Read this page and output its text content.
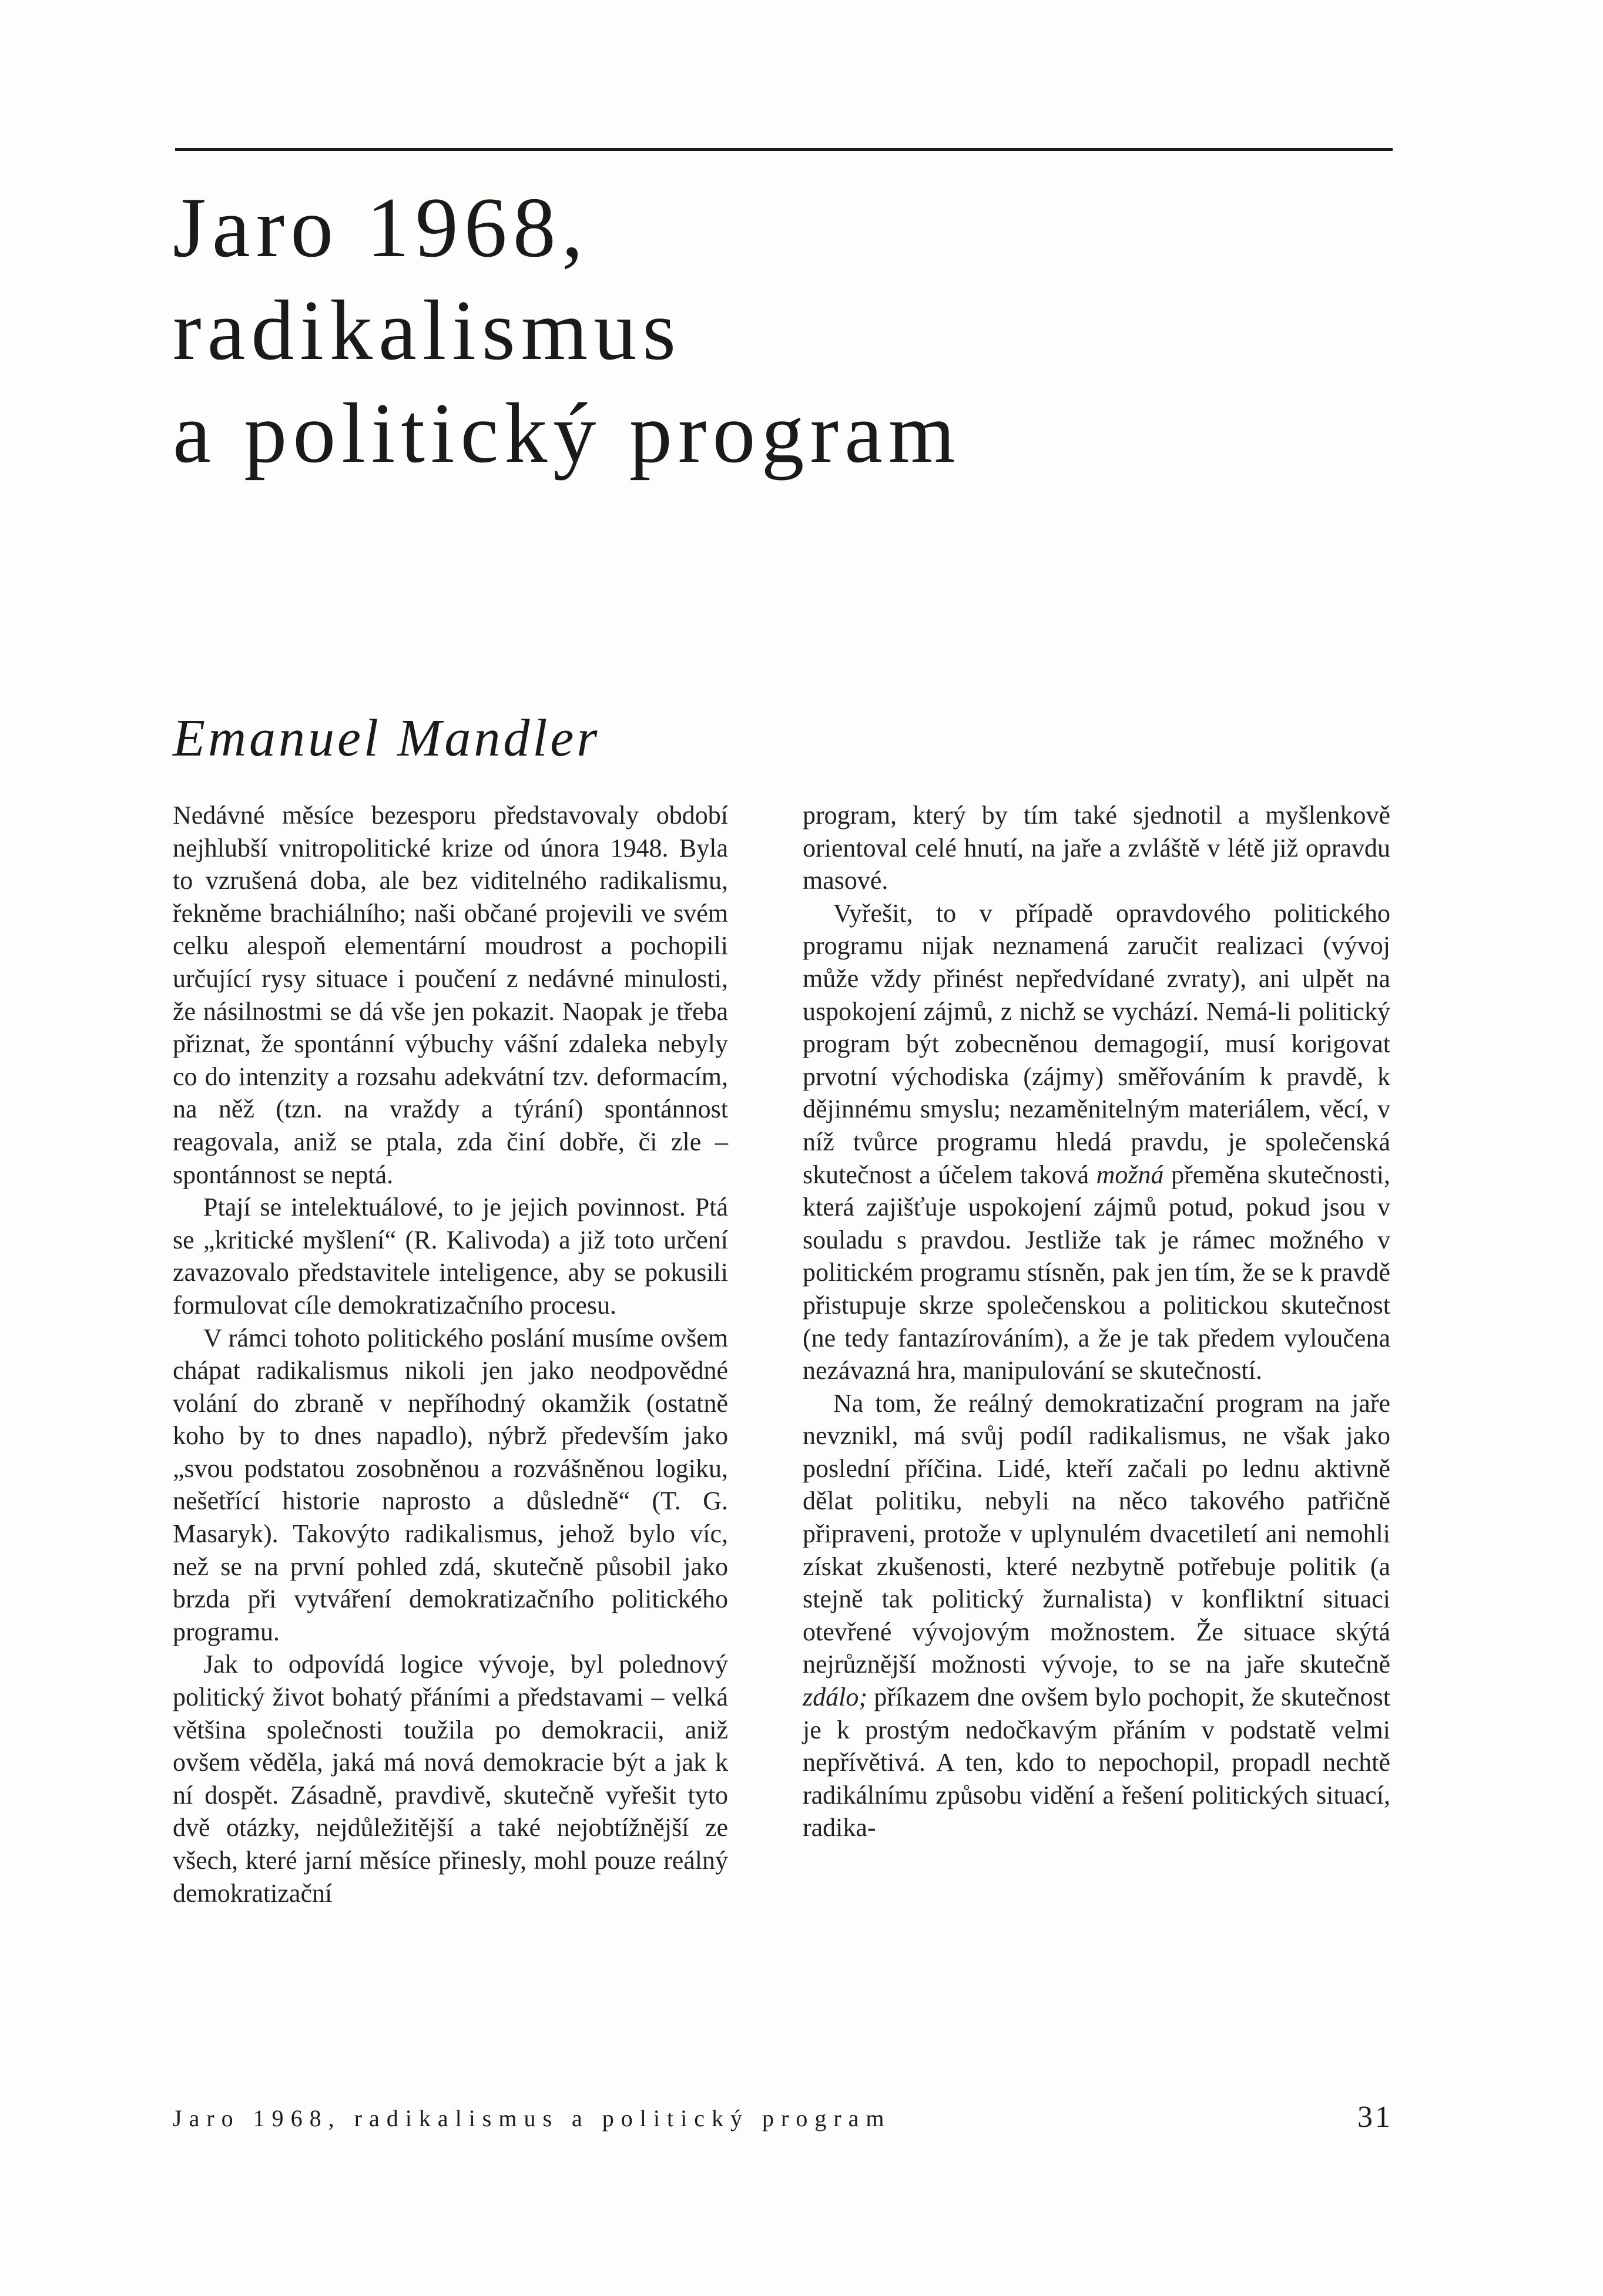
Jaro 1968,
radikalismus
a politický program
Emanuel Mandler

Nedávné měsíce bezesporu představovaly období nejhlubší vnitropolitické krize od února 1948. Byla to vzrušená doba, ale bez viditelného radikalismu, řekněme brachiálního; naši občané projevili ve svém celku alespoň elementární moudrost a pochopili určující rysy situace i poučení z nedávné minulosti, že násilnostmi se dá vše jen pokazit. Naopak je třeba přiznat, že spontánní výbuchy vášní zdaleka nebyly co do intenzity a rozsahu adekvátní tzv. deformacím, na něž (tzn. na vraždy a týrání) spontánnost reagovala, aniž se ptala, zda činí dobře, či zle – spontánnost se neptá.

Ptají se intelektuálové, to je jejich povinnost. Ptá se „kritické myšlení“ (R. Kalivoda) a již toto určení zavazovalo představitele inteligence, aby se pokusili formulovat cíle demokratizačního procesu.

V rámci tohoto politického poslání musíme ovšem chápat radikalismus nikoli jen jako neodpovědné volání do zbraně v nepříhodný okamžik (ostatně koho by to dnes napadlo), nýbrž především jako „svou podstatou zosobněnou a rozvášněnou logiku, nešetřící historie naprosto a důsledně“ (T. G. Masaryk). Takovýto radikalismus, jehož bylo víc, než se na první pohled zdá, skutečně působil jako brzda při vytváření demokratizačního politického programu.

Jak to odpovídá logice vývoje, byl polednový politický život bohatý přáními a představami – velká většina společnosti toužila po demokracii, aniž ovšem věděla, jaká má nová demokracie být a jak k ní dospět. Zásadně, pravdivě, skutečně vyřešit tyto dvě otázky, nejdůležitější a také nejobtížnější ze všech, které jarní měsíce přinesly, mohl pouze reálný demokratizační

program, který by tím také sjednotil a myšlenkově orientoval celé hnutí, na jaře a zvláště v létě již opravdu masové.

Vyřešit, to v případě opravdového politického programu nijak neznamená zaručit realizaci (vývoj může vždy přinést nepředvídané zvraty), ani ulpět na uspokojení zájmů, z nichž se vychází. Nemá-li politický program být zobecněnou demagogií, musí korigovat prvotní východiska (zájmy) směřováním k pravdě, k dějinnému smyslu; nezaměnitelným materiálem, věcí, v níž tvůrce programu hledá pravdu, je společenská skutečnost a účelem taková možná přeměna skutečnosti, která zajišťuje uspokojení zájmů potud, pokud jsou v souladu s pravdou. Jestliže tak je rámec možného v politickém programu stísněn, pak jen tím, že se k pravdě přistupuje skrze společenskou a politickou skutečnost (ne tedy fantazírováním), a že je tak předem vyloučena nezávazná hra, manipulování se skutečností.

Na tom, že reálný demokratizační program na jaře nevznikl, má svůj podíl radikalismus, ne však jako poslední příčina. Lidé, kteří začali po lednu aktivně dělat politiku, nebyli na něco takového patřičně připraveni, protože v uplynulém dvacetiletí ani nemohli získat zkušenosti, které nezbytně potřebuje politik (a stejně tak politický žurnalista) v konfliktní situaci otevřené vývojovým možnostem. Že situace skýtá nejrůznější možnosti vývoje, to se na jaře skutečně zdálo; příkazem dne ovšem bylo pochopit, že skutečnost je k prostým nedočkavým přáním v podstatě velmi nepřívětivá. A ten, kdo to nepochopil, propadl nechtě radikálnímu způsobu vidění a řešení politických situací, radika-

Jaro 1968, radikalismus a politický program	31
